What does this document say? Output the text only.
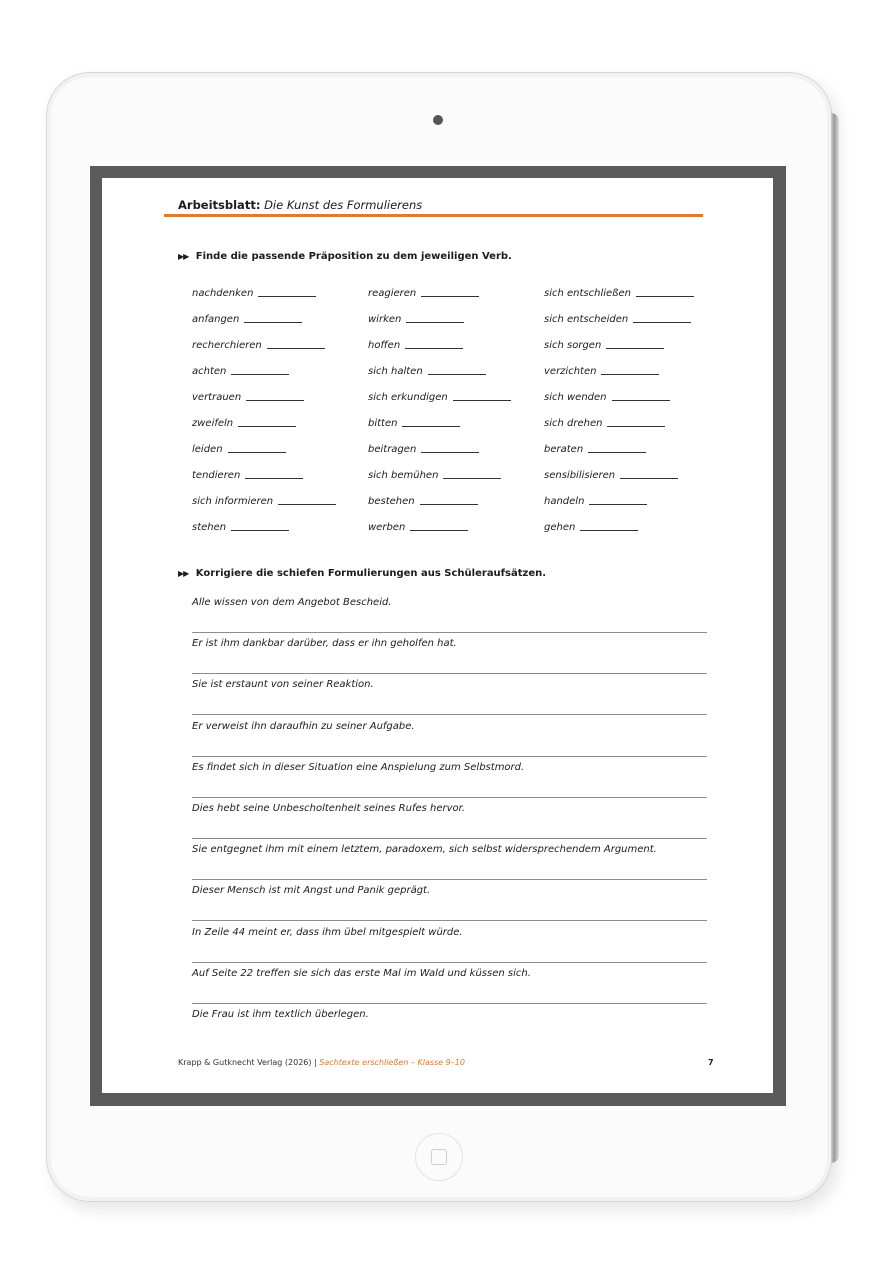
Arbeitsblatt: Die Kunst des Formulierens
▶▶ Finde die passende Präposition zu dem jeweiligen Verb.
nachdenken
anfangen
recherchieren
achten
vertrauen
zweifeln
leiden
tendieren
sich informieren
stehen
reagieren
wirken
hoffen
sich halten
sich erkundigen
bitten
beitragen
sich bemühen
bestehen
werben
sich entschließen
sich entscheiden
sich sorgen
verzichten
sich wenden
sich drehen
beraten
sensibilisieren
handeln
gehen
▶▶ Korrigiere die schiefen Formulierungen aus Schüleraufsätzen.
Alle wissen von dem Angebot Bescheid.
Er ist ihm dankbar darüber, dass er ihn geholfen hat.
Sie ist erstaunt von seiner Reaktion.
Er verweist ihn daraufhin zu seiner Aufgabe.
Es findet sich in dieser Situation eine Anspielung zum Selbstmord.
Dies hebt seine Unbescholtenheit seines Rufes hervor.
Sie entgegnet ihm mit einem letztem, paradoxem, sich selbst widersprechendem Argument.
Dieser Mensch ist mit Angst und Panik geprägt.
In Zeile 44 meint er, dass ihm übel mitgespielt würde.
Auf Seite 22 treffen sie sich das erste Mal im Wald und küssen sich.
Die Frau ist ihm textlich überlegen.
Krapp & Gutknecht Verlag (2026) | Sachtexte erschließen – Klasse 9–10	7
